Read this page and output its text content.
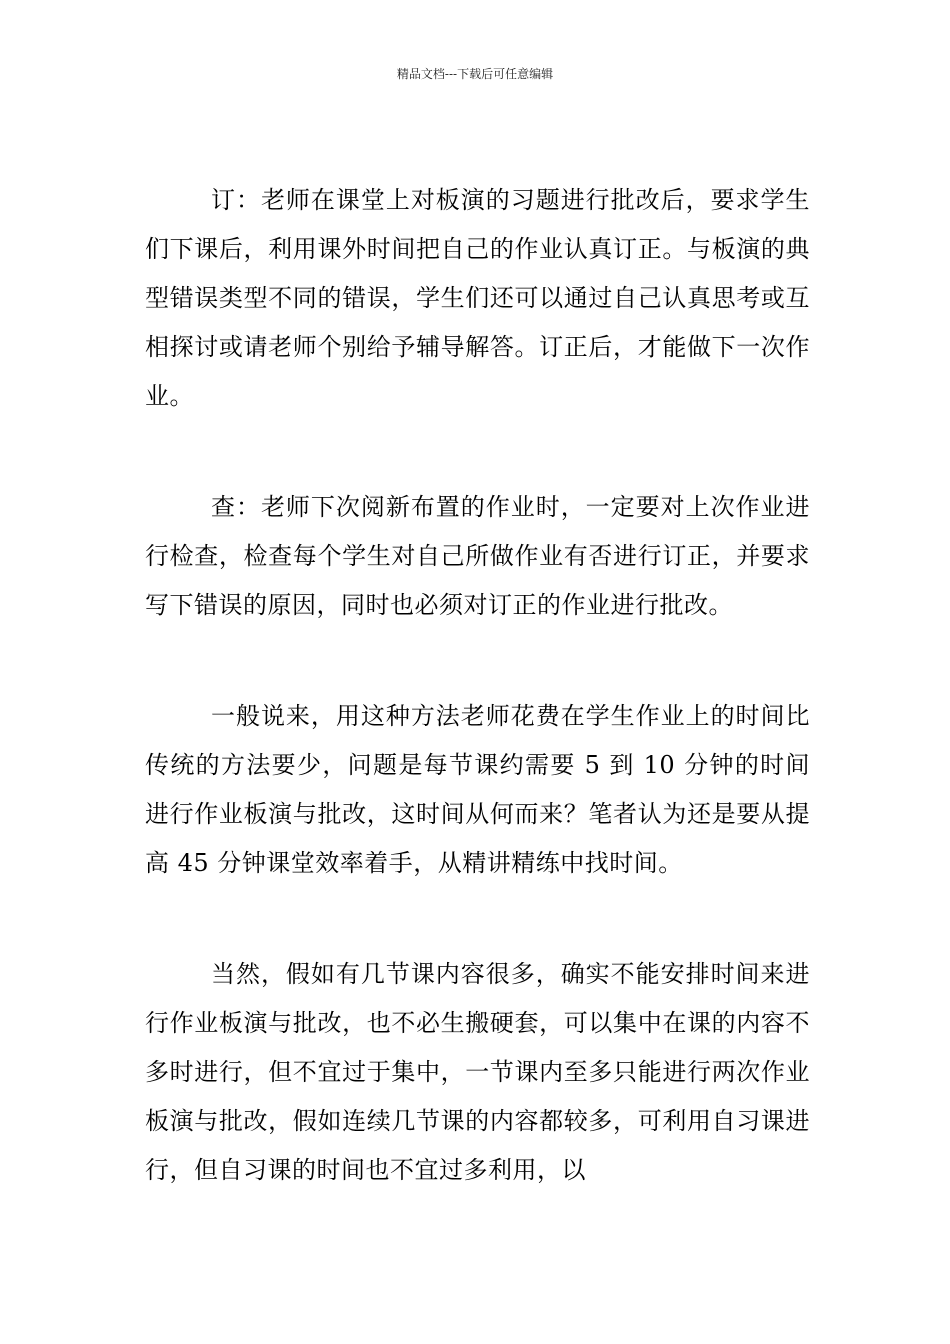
精品文档---下载后可任意编辑

订：老师在课堂上对板演的习题进行批改后，要求学生们下课后，利用课外时间把自己的作业认真订正。与板演的典型错误类型不同的错误，学生们还可以通过自己认真思考或互相探讨或请老师个别给予辅导解答。订正后，才能做下一次作业。

查：老师下次阅新布置的作业时，一定要对上次作业进行检查，检查每个学生对自己所做作业有否进行订正，并要求写下错误的原因，同时也必须对订正的作业进行批改。

一般说来，用这种方法老师花费在学生作业上的时间比传统的方法要少，问题是每节课约需要 5 到 10 分钟的时间进行作业板演与批改，这时间从何而来？笔者认为还是要从提高 45 分钟课堂效率着手，从精讲精练中找时间。

当然，假如有几节课内容很多，确实不能安排时间来进行作业板演与批改，也不必生搬硬套，可以集中在课的内容不多时进行，但不宜过于集中，一节课内至多只能进行两次作业板演与批改，假如连续几节课的内容都较多，可利用自习课进行，但自习课的时间也不宜过多利用，以
